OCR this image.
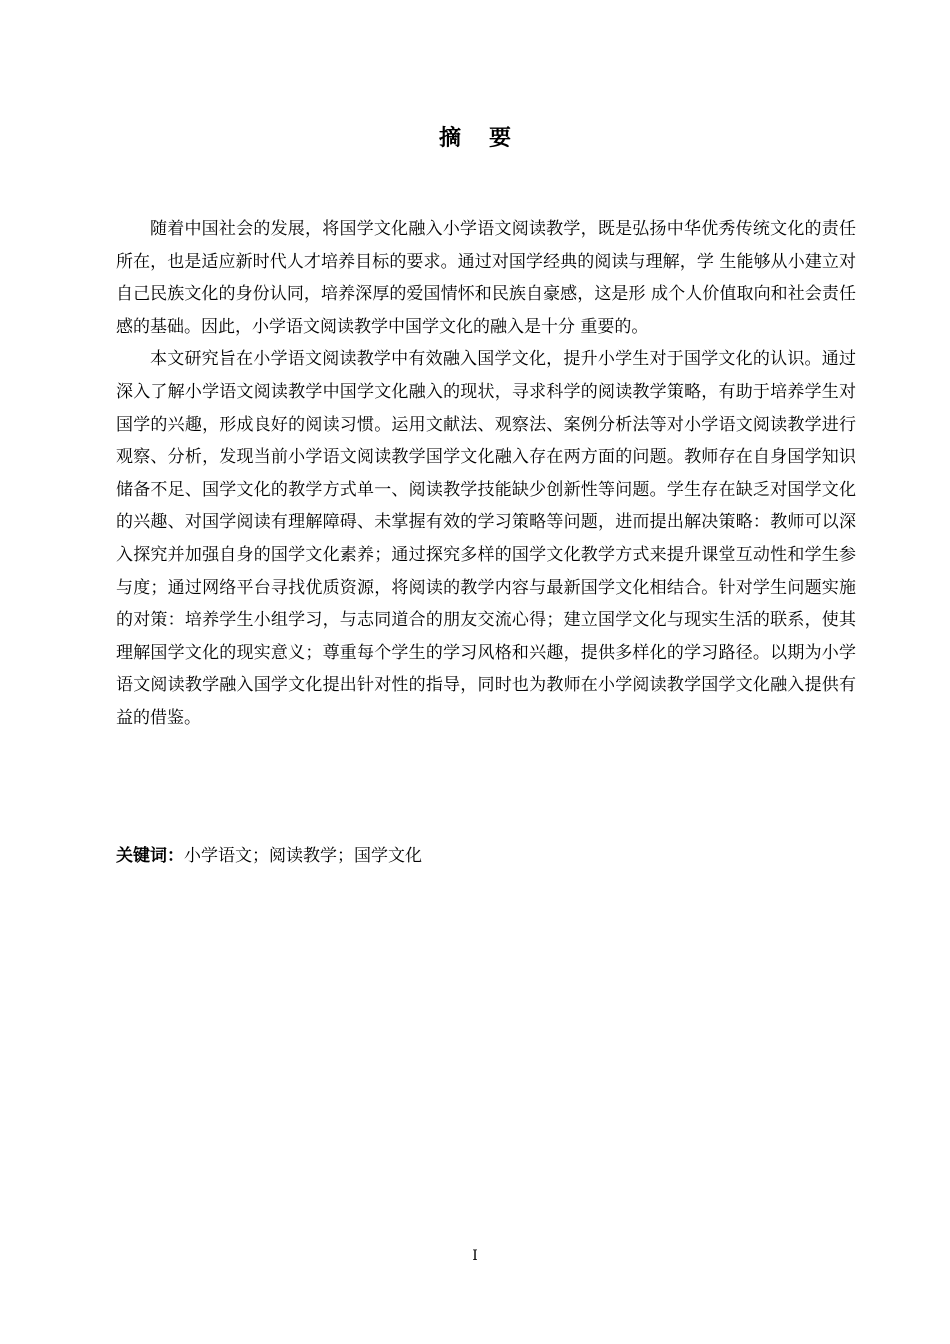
摘要

随着中国社会的发展，将国学文化融入小学语文阅读教学，既是弘扬中华优秀传统文化的责任所在，也是适应新时代人才培养目标的要求。通过对国学经典的阅读与理解，学 生能够从小建立对自己民族文化的身份认同，培养深厚的爱国情怀和民族自豪感，这是形 成个人价值取向和社会责任感的基础。因此，小学语文阅读教学中国学文化的融入是十分 重要的。

本文研究旨在小学语文阅读教学中有效融入国学文化，提升小学生对于国学文化的认识。通过深入了解小学语文阅读教学中国学文化融入的现状，寻求科学的阅读教学策略，有助于培养学生对国学的兴趣，形成良好的阅读习惯。运用文献法、观察法、案例分析法等对小学语文阅读教学进行观察、分析，发现当前小学语文阅读教学国学文化融入存在两方面的问题。教师存在自身国学知识储备不足、国学文化的教学方式单一、阅读教学技能缺少创新性等问题。学生存在缺乏对国学文化的兴趣、对国学阅读有理解障碍、未掌握有效的学习策略等问题，进而提出解决策略：教师可以深入探究并加强自身的国学文化素养；通过探究多样的国学文化教学方式来提升课堂互动性和学生参与度；通过网络平台寻找优质资源，将阅读的教学内容与最新国学文化相结合。针对学生问题实施的对策：培养学生小组学习，与志同道合的朋友交流心得；建立国学文化与现实生活的联系，使其理解国学文化的现实意义；尊重每个学生的学习风格和兴趣，提供多样化的学习路径。以期为小学语文阅读教学融入国学文化提出针对性的指导，同时也为教师在小学阅读教学国学文化融入提供有益的借鉴。

关键词：小学语文；阅读教学；国学文化
I
